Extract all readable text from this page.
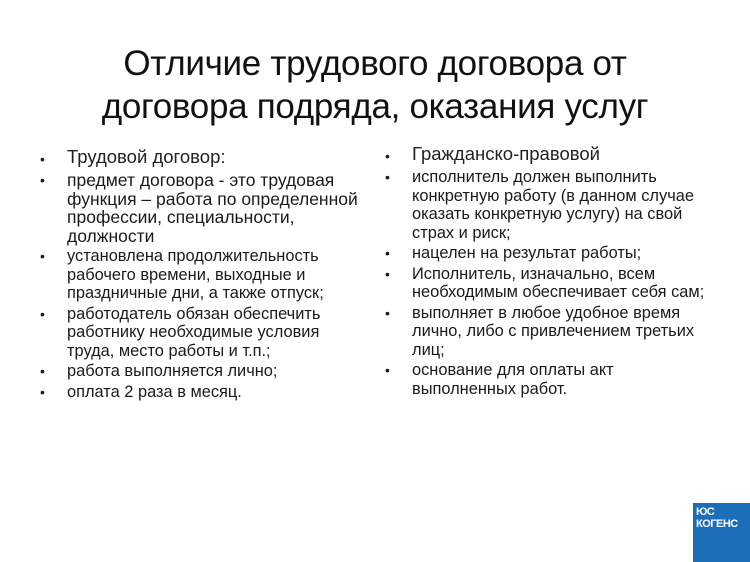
Отличие трудового договора от
договора подряда, оказания услуг
• Трудовой договор:
• предмет договора - это трудовая функция – работа по определенной профессии, специальности, должности
• установлена продолжительность рабочего времени, выходные и праздничные дни, а также отпуск;
• работодатель обязан обеспечить работнику необходимые условия труда, место работы и т.п.;
• работа выполняется лично;
• оплата 2 раза в месяц.
• Гражданско-правовой
• исполнитель должен выполнить конкретную работу (в данном случае оказать конкретную услугу) на свой страх и риск;
• нацелен на результат работы;
• Исполнитель, изначально, всем необходимым обеспечивает себя сам;
• выполняет в любое удобное время лично, либо с привлечением третьих лиц;
• основание для оплаты акт выполненных работ.
ЮС
КОГЕНС
